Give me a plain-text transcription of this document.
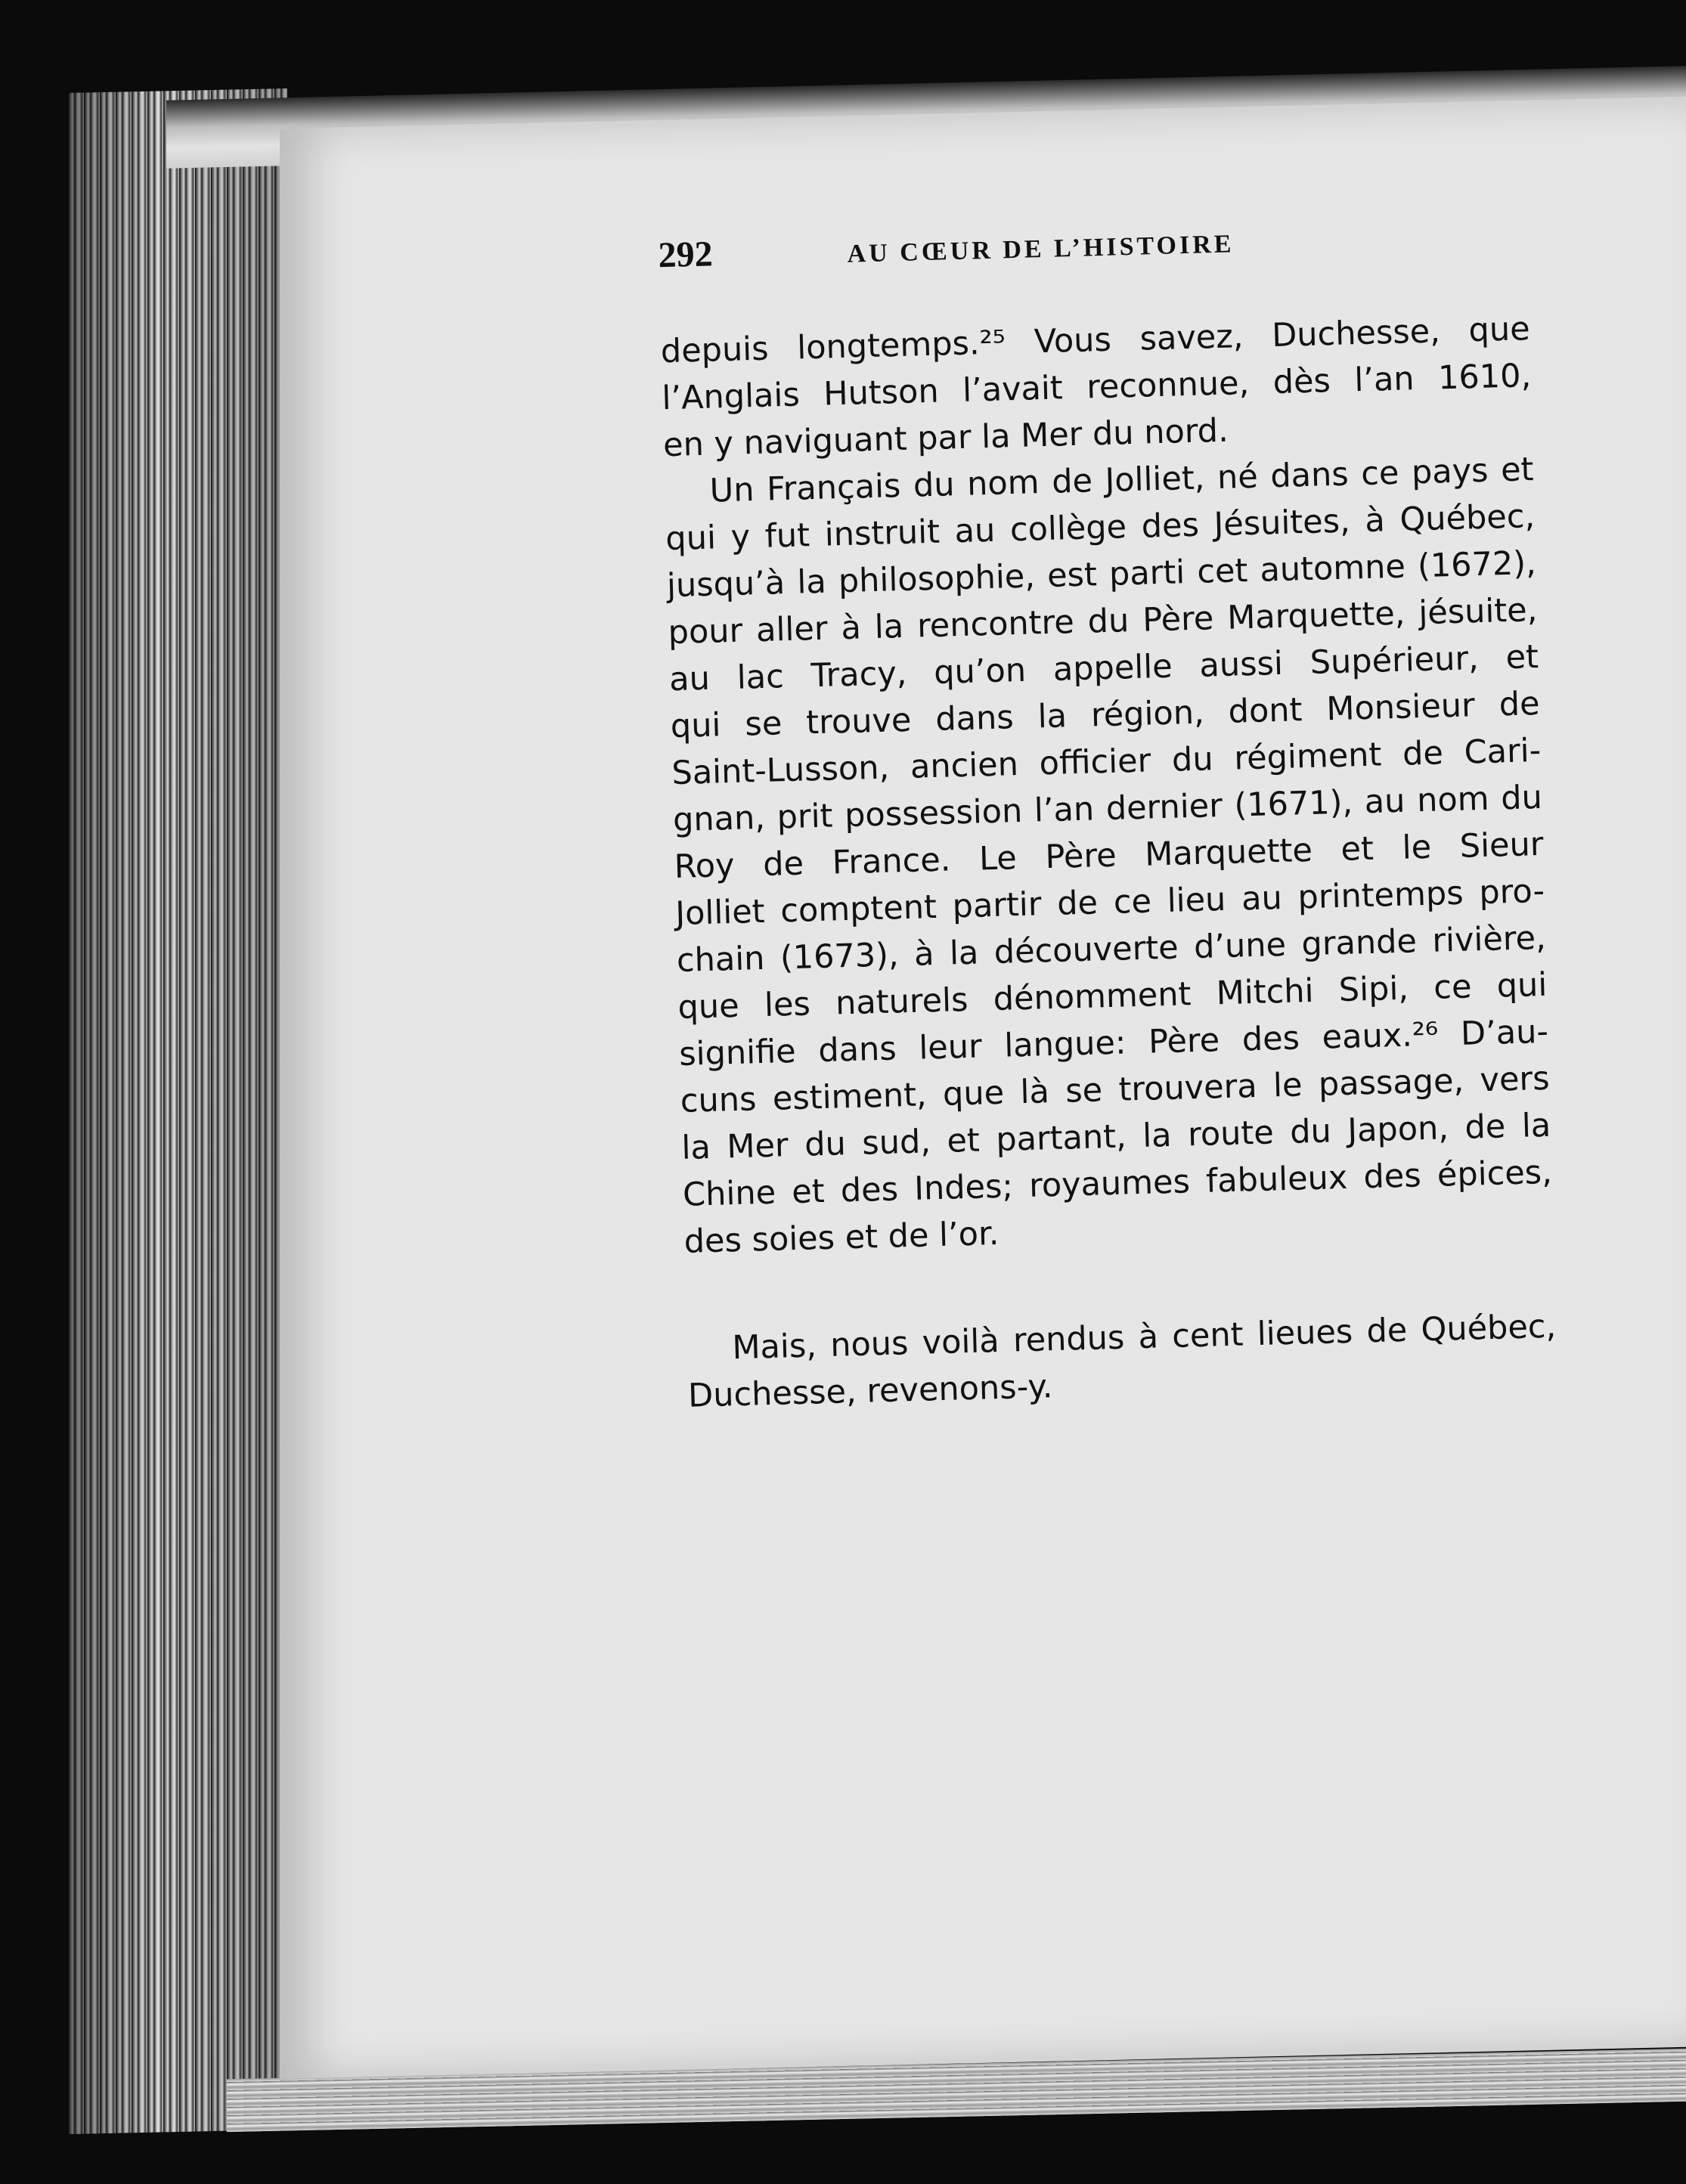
292	AU CŒUR DE L’HISTOIRE
depuis longtemps.²⁵ Vous savez, Duchesse, que
l’Anglais Hutson l’avait reconnue, dès l’an 1610,
en y naviguant par la Mer du nord.
Un Français du nom de Jolliet, né dans ce pays et
qui y fut instruit au collège des Jésuites, à Québec,
jusqu’à la philosophie, est parti cet automne (1672),
pour aller à la rencontre du Père Marquette, jésuite,
au lac Tracy, qu’on appelle aussi Supérieur, et
qui se trouve dans la région, dont Monsieur de
Saint-Lusson, ancien officier du régiment de Cari-
gnan, prit possession l’an dernier (1671), au nom du
Roy de France. Le Père Marquette et le Sieur
Jolliet comptent partir de ce lieu au printemps pro-
chain (1673), à la découverte d’une grande rivière,
que les naturels dénomment Mitchi Sipi, ce qui
signifie dans leur langue: Père des eaux.²⁶ D’au-
cuns estiment, que là se trouvera le passage, vers
la Mer du sud, et partant, la route du Japon, de la
Chine et des Indes; royaumes fabuleux des épices,
des soies et de l’or.
Mais, nous voilà rendus à cent lieues de Québec,
Duchesse, revenons-y.
